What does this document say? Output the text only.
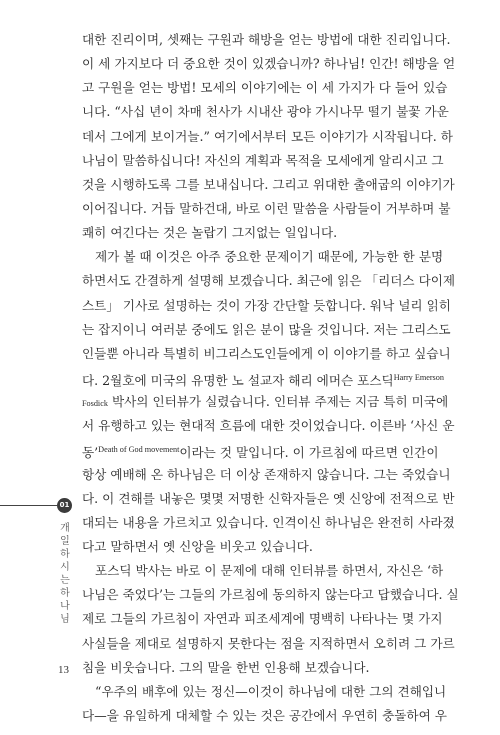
01
개 일 하 시 는 하 나 님
13
대한 진리이며, 셋째는 구원과 해방을 얻는 방법에 대한 진리입니다.
이 세 가지보다 더 중요한 것이 있겠습니까? 하나님! 인간! 해방을 얻
고 구원을 얻는 방법! 모세의 이야기에는 이 세 가지가 다 들어 있습
니다. “사십 년이 차매 천사가 시내산 광야 가시나무 떨기 불꽃 가운
데서 그에게 보이거늘.” 여기에서부터 모든 이야기가 시작됩니다. 하
나님이 말씀하십니다! 자신의 계획과 목적을 모세에게 알리시고 그
것을 시행하도록 그를 보내십니다. 그리고 위대한 출애굽의 이야기가
이어집니다. 거듭 말하건대, 바로 이런 말씀을 사람들이 거부하며 불
쾌히 여긴다는 것은 놀랍기 그지없는 일입니다.
제가 볼 때 이것은 아주 중요한 문제이기 때문에, 가능한 한 분명
하면서도 간결하게 설명해 보겠습니다. 최근에 읽은 「리더스 다이제
스트」 기사로 설명하는 것이 가장 간단할 듯합니다. 워낙 널리 읽히
는 잡지이니 여러분 중에도 읽은 분이 많을 것입니다. 저는 그리스도
인들뿐 아니라 특별히 비그리스도인들에게 이 이야기를 하고 싶습니
다. 2월호에 미국의 유명한 노 설교자 해리 에머슨 포스딕$^{Harry Emerson}$
Fosdick 박사의 인터뷰가 실렸습니다. 인터뷰 주제는 지금 특히 미국에
서 유행하고 있는 현대적 흐름에 대한 것이었습니다. 이른바 ‘사신 운
동’$^{Death of God movement}$이라는 것 말입니다. 이 가르침에 따르면 인간이
항상 예배해 온 하나님은 더 이상 존재하지 않습니다. 그는 죽었습니
다. 이 견해를 내놓은 몇몇 저명한 신학자들은 옛 신앙에 전적으로 반
대되는 내용을 가르치고 있습니다. 인격이신 하나님은 완전히 사라졌
다고 말하면서 옛 신앙을 비웃고 있습니다.
포스딕 박사는 바로 이 문제에 대해 인터뷰를 하면서, 자신은 ‘하
나님은 죽었다’는 그들의 가르침에 동의하지 않는다고 답했습니다. 실
제로 그들의 가르침이 자연과 피조세계에 명백히 나타나는 몇 가지
사실들을 제대로 설명하지 못한다는 점을 지적하면서 오히려 그 가르
침을 비웃습니다. 그의 말을 한번 인용해 보겠습니다.
“우주의 배후에 있는 정신—이것이 하나님에 대한 그의 견해입니
다—을 유일하게 대체할 수 있는 것은 공간에서 우연히 충돌하여 우
